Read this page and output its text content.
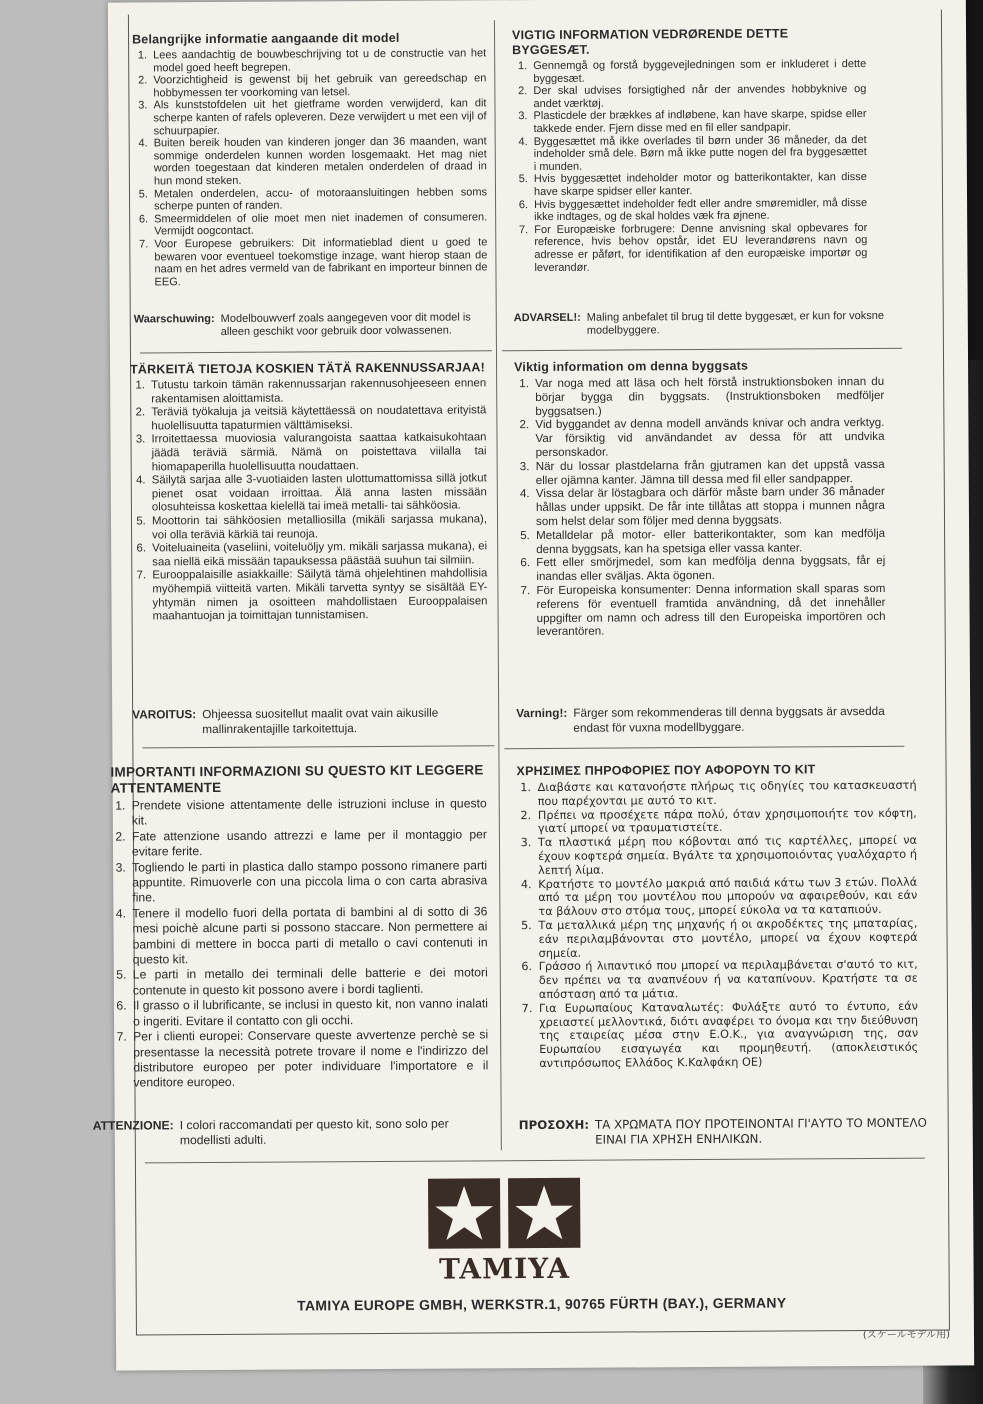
Belangrijke informatie aangaande dit model
1. Lees aandachtig de bouwbeschrijving tot u de constructie van het model goed heeft begrepen.
2. Voorzichtigheid is gewenst bij het gebruik van gereedschap en hobbymessen ter voorkoming van letsel.
3. Als kunststofdelen uit het gietframe worden verwijderd, kan dit scherpe kanten of rafels opleveren. Deze verwijdert u met een vijl of schuurpapier.
4. Buiten bereik houden van kinderen jonger dan 36 maanden, want sommige onderdelen kunnen worden losgemaakt. Het mag niet worden toegestaan dat kinderen metalen onderdelen of draad in hun mond steken.
5. Metalen onderdelen, accu- of motoraansluitingen hebben soms scherpe punten of randen.
6. Smeermiddelen of olie moet men niet inademen of consumeren. Vermijdt oogcontact.
7. Voor Europese gebruikers: Dit informatieblad dient u goed te bewaren voor eventueel toekomstige inzage, want hierop staan de naam en het adres vermeld van de fabrikant en importeur binnen de EEG.
Waarschuwing: Modelbouwverf zoals aangegeven voor dit model is alleen geschikt voor gebruik door volwassenen.
VIGTIG INFORMATION VEDRØRENDE DETTE BYGGESÆT.
1. Gennemgå og forstå byggevejledningen som er inkluderet i dette byggesæt.
2. Der skal udvises forsigtighed når der anvendes hobbyknive og andet værktøj.
3. Plasticdele der brækkes af indløbene, kan have skarpe, spidse eller takkede ender. Fjern disse med en fil eller sandpapir.
4. Byggesættet må ikke overlades til børn under 36 måneder, da det indeholder små dele. Børn må ikke putte nogen del fra byggesættet i munden.
5. Hvis byggesættet indeholder motor og batterikontakter, kan disse have skarpe spidser eller kanter.
6. Hvis byggesættet indeholder fedt eller andre smøremidler, må disse ikke indtages, og de skal holdes væk fra øjnene.
7. For Europæiske forbrugere: Denne anvisning skal opbevares for reference, hvis behov opstår, idet EU leverandørens navn og adresse er påført, for identifikation af den europæiske importør og leverandør.
ADVARSEL!: Maling anbefalet til brug til dette byggesæt, er kun for voksne modelbyggere.
TÄRKEITÄ TIETOJA KOSKIEN TÄTÄ RAKENNUSSARJAA!
1. Tutustu tarkoin tämän rakennussarjan rakennusohjeeseen ennen rakentamisen aloittamista.
2. Teräviä työkaluja ja veitsiä käytettäessä on noudatettava erityistä huolellisuutta tapaturmien välttämiseksi.
3. Irroitettaessa muoviosia valurangoista saattaa katkaisukohtaan jäädä teräviä särmiä. Nämä on poistettava viilalla tai hiomapaperilla huolellisuutta noudattaen.
4. Säilytä sarjaa alle 3-vuotiaiden lasten ulottumattomissa sillä jotkut pienet osat voidaan irroittaa. Älä anna lasten missään olosuhteissa koskettaa kielellä tai imeä metalli- tai sähköosia.
5. Moottorin tai sähköosien metalliosilla (mikäli sarjassa mukana), voi olla teräviä kärkiä tai reunoja.
6. Voiteluaineita (vaseliini, voiteluöljy ym. mikäli sarjassa mukana), ei saa niellä eikä missään tapauksessa päästää suuhun tai silmiin.
7. Eurooppalaisille asiakkaille: Säilytä tämä ohjelehtinen mahdollisia myöhempiä viitteitä varten. Mikäli tarvetta syntyy se sisältää EY-yhtymän nimen ja osoitteen mahdollistaen Eurooppalaisen maahantuojan ja toimittajan tunnistamisen.
VAROITUS: Ohjeessa suositellut maalit ovat vain aikusille mallinrakentajille tarkoitettuja.
Viktig information om denna byggsats
1. Var noga med att läsa och helt förstå instruktionsboken innan du börjar bygga din byggsats. (Instruktionsboken medföljer byggsatsen.)
2. Vid byggandet av denna modell används knivar och andra verktyg. Var försiktig vid användandet av dessa för att undvika personskador.
3. När du lossar plastdelarna från gjutramen kan det uppstå vassa eller ojämna kanter. Jämna till dessa med fil eller sandpapper.
4. Vissa delar är löstagbara och därför måste barn under 36 månader hållas under uppsikt. De får inte tillåtas att stoppa i munnen några som helst delar som följer med denna byggsats.
5. Metalldelar på motor- eller batterikontakter, som kan medfölja denna byggsats, kan ha spetsiga eller vassa kanter.
6. Fett eller smörjmedel, som kan medfölja denna byggsats, får ej inandas eller sväljas. Akta ögonen.
7. För Europeiska konsumenter: Denna information skall sparas som referens för eventuell framtida användning, då det innehåller uppgifter om namn och adress till den Europeiska importören och leverantören.
Varning!: Färger som rekommenderas till denna byggsats är avsedda endast för vuxna modellbyggare.
IMPORTANTI INFORMAZIONI SU QUESTO KIT LEGGERE ATTENTAMENTE
1. Prendete visione attentamente delle istruzioni incluse in questo kit.
2. Fate attenzione usando attrezzi e lame per il montaggio per evitare ferite.
3. Togliendo le parti in plastica dallo stampo possono rimanere parti appuntite. Rimuoverle con una piccola lima o con carta abrasiva fine.
4. Tenere il modello fuori della portata di bambini al di sotto di 36 mesi poichè alcune parti si possono staccare. Non permettere ai bambini di mettere in bocca parti di metallo o cavi contenuti in questo kit.
5. Le parti in metallo dei terminali delle batterie e dei motori contenute in questo kit possono avere i bordi taglienti.
6. Il grasso o il lubrificante, se inclusi in questo kit, non vanno inalati o ingeriti. Evitare il contatto con gli occhi.
7. Per i clienti europei: Conservare queste avvertenze perchè se si presentasse la necessità potrete trovare il nome e l'indirizzo del distributore europeo per poter individuare l'importatore e il venditore europeo.
ATTENZIONE: I colori raccomandati per questo kit, sono solo per modellisti adulti.
ΧΡΗΣΙΜΕΣ ΠΗΡΟΦΟΡΙΕΣ ΠΟΥ ΑΦΟΡΟΥΝ ΤΟ ΚΙΤ
1. Διαβάστε και κατανοήστε πλήρως τις οδηγίες του κατασκευαστή που παρέχονται με αυτό το κιτ.
2. Πρέπει να προσέχετε πάρα πολύ, όταν χρησιμοποιήτε τον κόφτη, γιατί μπορεί να τραυματιστείτε.
3. Τα πλαστικά μέρη που κόβονται από τις καρτέλλες, μπορεί να έχουν κοφτερά σημεία. Βγάλτε τα χρησιμοποιόντας γυαλόχαρτο ή λεπτή λίμα.
4. Κρατήστε το μοντέλο μακριά από παιδιά κάτω των 3 ετών. Πολλά από τα μέρη του μοντέλου που μπορούν να αφαιρεθούν, και εάν τα βάλουν στο στόμα τους, μπορεί εύκολα να τα καταπιούν.
5. Τα μεταλλικά μέρη της μηχανής ή οι ακροδέκτες της μπαταρίας, εάν περιλαμβάνονται στο μοντέλο, μπορεί να έχουν κοφτερά σημεία.
6. Γράσσο ή λιπαντικό που μπορεί να περιλαμβάνεται σ'αυτό το κιτ, δεν πρέπει να τα αναπνέουν ή να καταπίνουν. Κρατήστε τα σε απόσταση από τα μάτια.
7. Για Ευρωπαίους Καταναλωτές: Φυλάξτε αυτό το έντυπο, εάν χρειαστεί μελλοντικά, διότι αναφέρει το όνομα και την διεύθυνση της εταιρείας μέσα στην Ε.Ο.Κ., για αναγνώριση της, σαν Ευρωπαίου εισαγωγέα και προμηθευτή. (αποκλειστικός αντιπρόσωπος Ελλάδος Κ.Καλφάκη ΟΕ)
ΠΡΟΣΟΧΗ: ΤΑ ΧΡΩΜΑΤΑ ΠΟΥ ΠΡΟΤΕΙΝΟΝΤΑΙ ΓΙ'ΑΥΤΟ ΤΟ ΜΟΝΤΕΛΟ ΕΙΝΑΙ ΓΙΑ ΧΡΗΣΗ ΕΝΗΛΙΚΩΝ.
TAMIYA
TAMIYA EUROPE GMBH, WERKSTR.1, 90765 FÜRTH (BAY.), GERMANY
(スケールモデル用)
